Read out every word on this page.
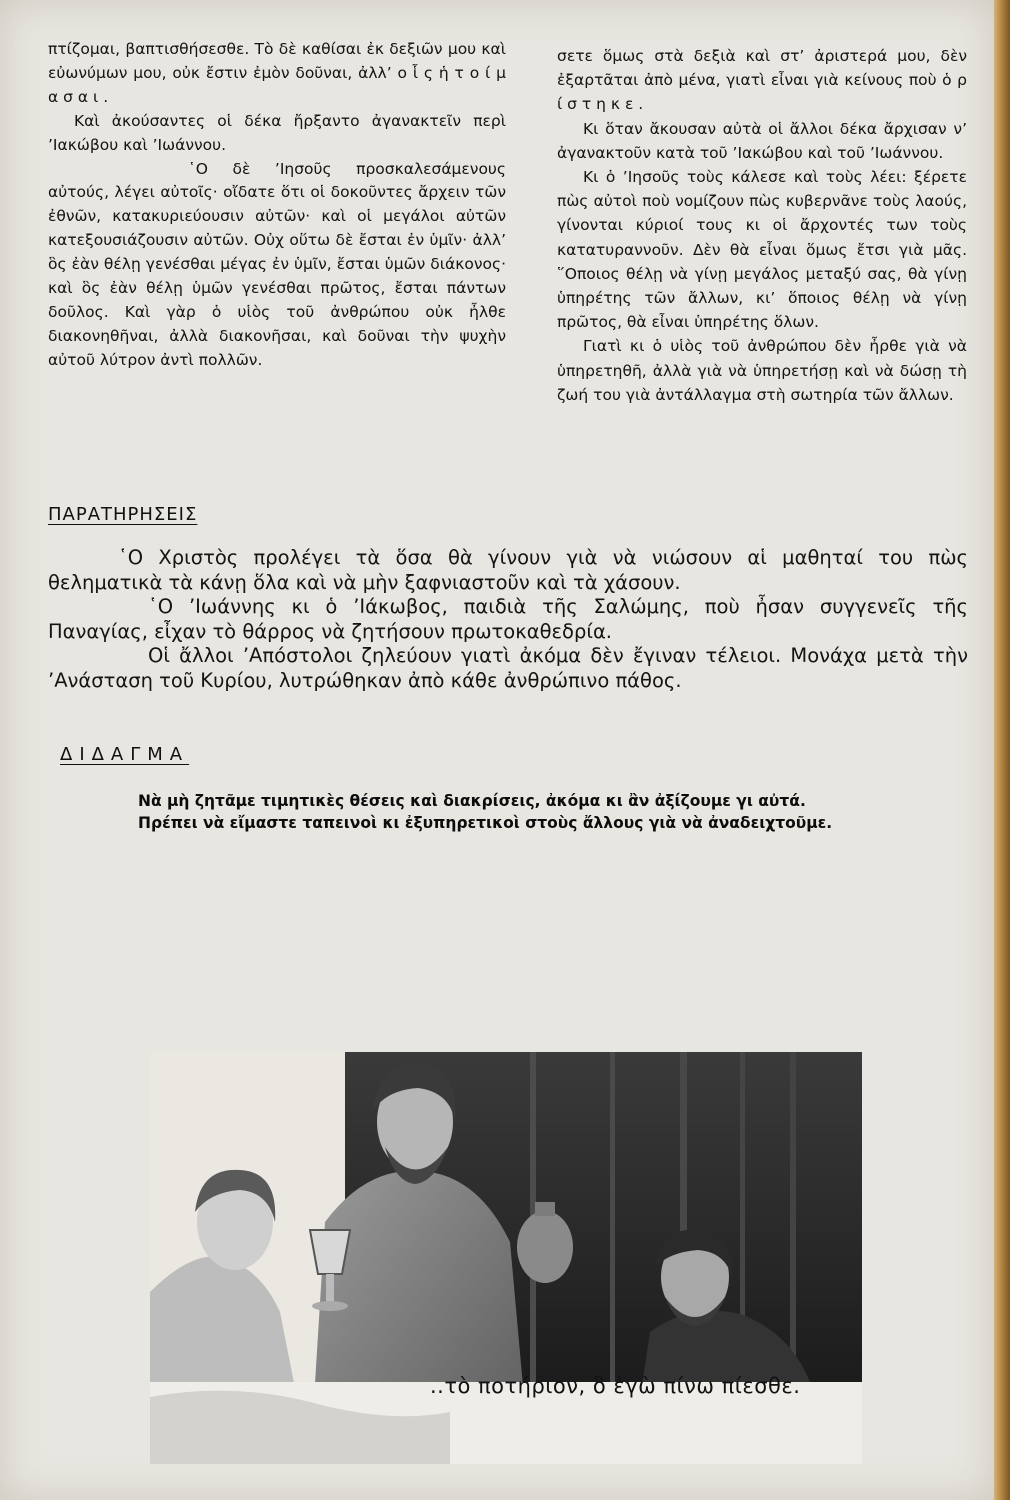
πτίζομαι, βαπτισθήσεσθε. Τὸ δὲ καθίσαι ἐκ δεξιῶν μου καὶ εὐωνύμων μου, οὐκ ἔστιν ἐμὸν δοῦναι, ἀλλ’ ο ἷ ς ἡ τ ο ί μ α σ α ι .

Καὶ ἀκούσαντες οἱ δέκα ἤρξαντο ἀγανακτεῖν περὶ ’Ιακώβου καὶ ’Ιωάννου.

῾Ο δὲ ’Ιησοῦς προσκαλεσάμενους αὐτούς, λέγει αὐτοῖς· οἴδατε ὅτι οἱ δοκοῦντες ἄρχειν τῶν ἐθνῶν, κατακυριεύουσιν αὐτῶν· καὶ οἱ μεγάλοι αὐτῶν κατεξουσιάζουσιν αὐτῶν. Οὐχ οὕτω δὲ ἔσται ἐν ὑμῖν· ἀλλ’ ὃς ἐὰν θέλῃ γενέσθαι μέγας ἐν ὑμῖν, ἔσται ὑμῶν διάκονος· καὶ ὃς ἐὰν θέλῃ ὑμῶν γενέσθαι πρῶτος, ἔσται πάντων δοῦλος. Καὶ γὰρ ὁ υἱὸς τοῦ ἀνθρώπου οὐκ ἦλθε διακονηθῆναι, ἀλλὰ διακονῆσαι, καὶ δοῦναι τὴν ψυχὴν αὐτοῦ λύτρον ἀντὶ πολλῶν.

σετε ὅμως στὰ δεξιὰ καὶ στ’ ἀριστερά μου, δὲν ἐξαρτᾶται ἀπὸ μένα, γιατὶ εἶναι γιὰ κείνους ποὺ ὁ ρ ί σ τ η κ ε .

Κι ὅταν ἄκουσαν αὐτὰ οἱ ἄλλοι δέκα ἄρχισαν ν’ ἀγανακτοῦν κατὰ τοῦ ’Ιακώβου καὶ τοῦ ’Ιωάννου.

Κι ὁ ’Ιησοῦς τοὺς κάλεσε καὶ τοὺς λέει: ξέρετε πὼς αὐτοὶ ποὺ νομίζουν πὼς κυβερνᾶνε τοὺς λαούς, γίνονται κύριοί τους κι οἱ ἄρχοντές των τοὺς κατατυραννοῦν. Δὲν θὰ εἶναι ὅμως ἔτσι γιὰ μᾶς. ῞Οποιος θέλῃ νὰ γίνῃ μεγάλος μεταξύ σας, θὰ γίνῃ ὑπηρέτης τῶν ἄλλων, κι’ ὅποιος θέλῃ νὰ γίνῃ πρῶτος, θὰ εἶναι ὑπηρέτης ὅλων.

Γιατὶ κι ὁ υἱὸς τοῦ ἀνθρώπου δὲν ἦρθε γιὰ νὰ ὑπηρετηθῆ, ἀλλὰ γιὰ νὰ ὑπηρετήσῃ καὶ νὰ δώσῃ τὴ ζωή του γιὰ ἀντάλλαγμα στὴ σωτηρία τῶν ἄλλων.

ΠΑΡΑΤΗΡΗΣΕΙΣ

῾Ο Χριστὸς προλέγει τὰ ὅσα θὰ γίνουν γιὰ νὰ νιώσουν αἱ μαθηταί του πὼς θεληματικὰ τὰ κάνῃ ὅλα καὶ νὰ μὴν ξαφνιαστοῦν καὶ τὰ χάσουν.

῾Ο ’Ιωάννης κι ὁ ’Ιάκωβος, παιδιὰ τῆς Σαλώμης, ποὺ ἦσαν συγγενεῖς τῆς Παναγίας, εἶχαν τὸ θάρρος νὰ ζητήσουν πρωτοκαθεδρία.

Οἱ ἄλλοι ’Απόστολοι ζηλεύουν γιατὶ ἀκόμα δὲν ἔγιναν τέλειοι. Μονάχα μετὰ τὴν ’Ανάσταση τοῦ Κυρίου, λυτρώθηκαν ἀπὸ κάθε ἀνθρώπινο πάθος.

ΔΙΔΑΓΜΑ

Νὰ μὴ ζητᾶμε τιμητικὲς θέσεις καὶ διακρίσεις, ἀκόμα κι ἂν ἀξίζουμε γι αὐτά.

Πρέπει νὰ εἴμαστε ταπεινοὶ κι ἐξυπηρετικοὶ στοὺς ἄλλους γιὰ νὰ ἀναδειχτοῦμε.

..τὸ ποτήριον, ὃ ἐγὼ πίνω πίεσθε.
